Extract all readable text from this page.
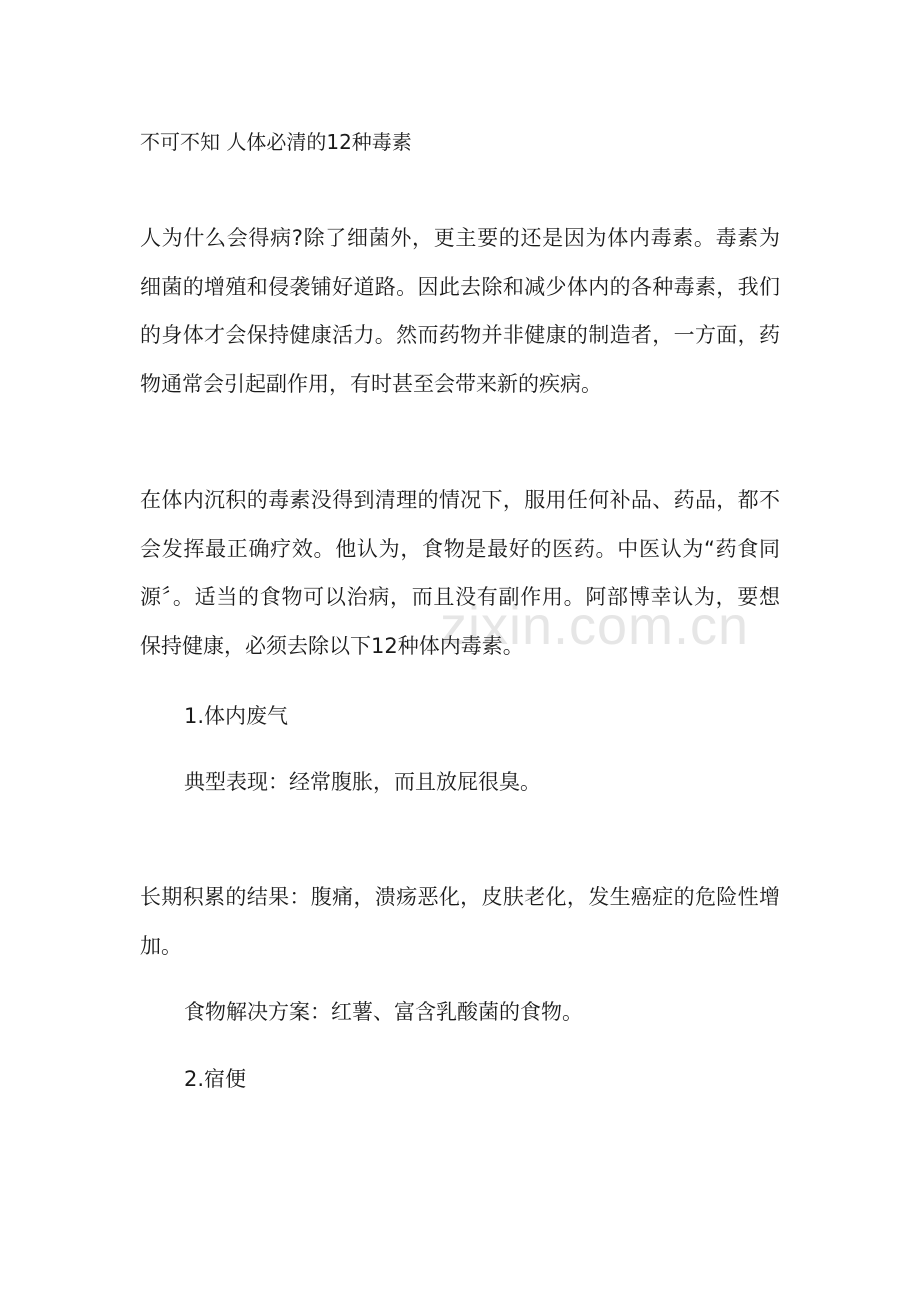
zixin.com.cn
不可不知 人体必清的12种毒素

人为什么会得病?除了细菌外，更主要的还是因为体内毒素。毒素为细菌的增殖和侵袭铺好道路。因此去除和减少体内的各种毒素，我们的身体才会保持健康活力。然而药物并非健康的制造者，一方面，药物通常会引起副作用，有时甚至会带来新的疾病。

在体内沉积的毒素没得到清理的情况下，服用任何补品、药品，都不会发挥最正确疗效。他认为，食物是最好的医药。中医认为“药食同源〞。适当的食物可以治病，而且没有副作用。阿部博幸认为，要想保持健康，必须去除以下12种体内毒素。

1.体内废气
典型表现：经常腹胀，而且放屁很臭。

长期积累的结果：腹痛，溃疡恶化，皮肤老化，发生癌症的危险性增加。

食物解决方案：红薯、富含乳酸菌的食物。
2.宿便
